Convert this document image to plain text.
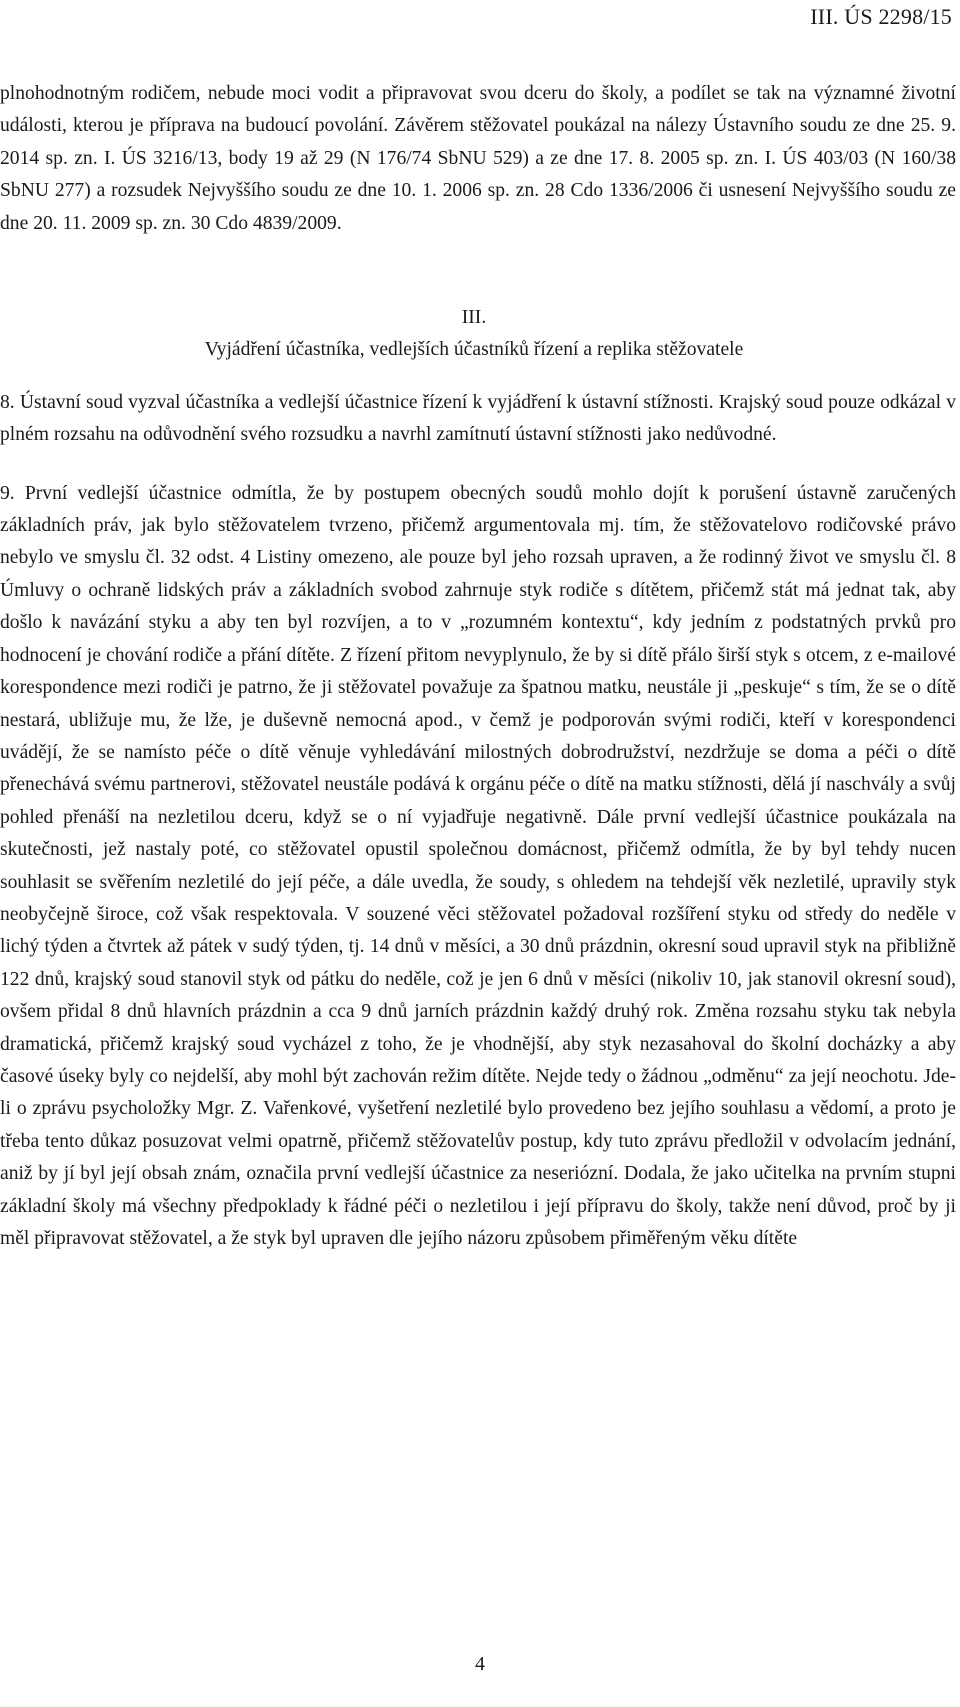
III. ÚS 2298/15

plnohodnotným rodičem, nebude moci vodit a připravovat svou dceru do školy, a podílet se tak na významné životní události, kterou je příprava na budoucí povolání. Závěrem stěžovatel poukázal na nálezy Ústavního soudu ze dne 25. 9. 2014 sp. zn. I. ÚS 3216/13, body 19 až 29 (N 176/74 SbNU 529) a ze dne 17. 8. 2005 sp. zn. I. ÚS 403/03 (N 160/38 SbNU 277) a rozsudek Nejvyššího soudu ze dne 10. 1. 2006 sp. zn. 28 Cdo 1336/2006 či usnesení Nejvyššího soudu ze dne 20. 11. 2009 sp. zn. 30 Cdo 4839/2009.

III.
Vyjádření účastníka, vedlejších účastníků řízení a replika stěžovatele

8. Ústavní soud vyzval účastníka a vedlejší účastnice řízení k vyjádření k ústavní stížnosti. Krajský soud pouze odkázal v plném rozsahu na odůvodnění svého rozsudku a navrhl zamítnutí ústavní stížnosti jako nedůvodné.

9. První vedlejší účastnice odmítla, že by postupem obecných soudů mohlo dojít k porušení ústavně zaručených základních práv, jak bylo stěžovatelem tvrzeno, přičemž argumentovala mj. tím, že stěžovatelovo rodičovské právo nebylo ve smyslu čl. 32 odst. 4 Listiny omezeno, ale pouze byl jeho rozsah upraven, a že rodinný život ve smyslu čl. 8 Úmluvy o ochraně lidských práv a základních svobod zahrnuje styk rodiče s dítětem, přičemž stát má jednat tak, aby došlo k navázání styku a aby ten byl rozvíjen, a to v „rozumném kontextu“, kdy jedním z podstatných prvků pro hodnocení je chování rodiče a přání dítěte. Z řízení přitom nevyplynulo, že by si dítě přálo širší styk s otcem, z e-mailové korespondence mezi rodiči je patrno, že ji stěžovatel považuje za špatnou matku, neustále ji „peskuje“ s tím, že se o dítě nestará, ubližuje mu, že lže, je duševně nemocná apod., v čemž je podporován svými rodiči, kteří v korespondenci uvádějí, že se namísto péče o dítě věnuje vyhledávání milostných dobrodružství, nezdržuje se doma a péči o dítě přenechává svému partnerovi, stěžovatel neustále podává k orgánu péče o dítě na matku stížnosti, dělá jí naschvály a svůj pohled přenáší na nezletilou dceru, když se o ní vyjadřuje negativně. Dále první vedlejší účastnice poukázala na skutečnosti, jež nastaly poté, co stěžovatel opustil společnou domácnost, přičemž odmítla, že by byl tehdy nucen souhlasit se svěřením nezletilé do její péče, a dále uvedla, že soudy, s ohledem na tehdejší věk nezletilé, upravily styk neobyčejně široce, což však respektovala. V souzené věci stěžovatel požadoval rozšíření styku od středy do neděle v lichý týden a čtvrtek až pátek v sudý týden, tj. 14 dnů v měsíci, a 30 dnů prázdnin, okresní soud upravil styk na přibližně 122 dnů, krajský soud stanovil styk od pátku do neděle, což je jen 6 dnů v měsíci (nikoliv 10, jak stanovil okresní soud), ovšem přidal 8 dnů hlavních prázdnin a cca 9 dnů jarních prázdnin každý druhý rok. Změna rozsahu styku tak nebyla dramatická, přičemž krajský soud vycházel z toho, že je vhodnější, aby styk nezasahoval do školní docházky a aby časové úseky byly co nejdelší, aby mohl být zachován režim dítěte. Nejde tedy o žádnou „odměnu“ za její neochotu. Jde-li o zprávu psycholožky Mgr. Z. Vařenkové, vyšetření nezletilé bylo provedeno bez jejího souhlasu a vědomí, a proto je třeba tento důkaz posuzovat velmi opatrně, přičemž stěžovatelův postup, kdy tuto zprávu předložil v odvolacím jednání, aniž by jí byl její obsah znám, označila první vedlejší účastnice za neseriózní. Dodala, že jako učitelka na prvním stupni základní školy má všechny předpoklady k řádné péči o nezletilou i její přípravu do školy, takže není důvod, proč by ji měl připravovat stěžovatel, a že styk byl upraven dle jejího názoru způsobem přiměřeným věku dítěte

4
